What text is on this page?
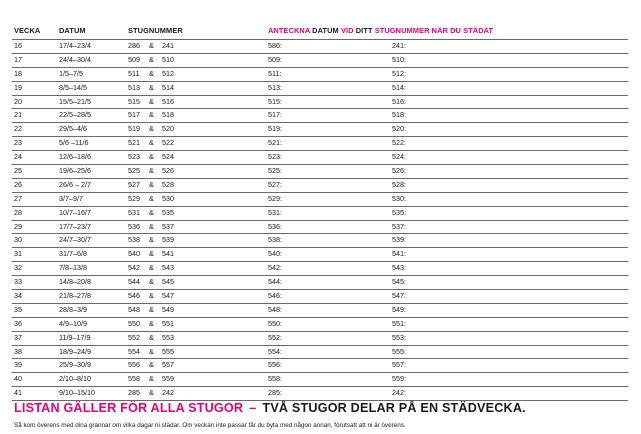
VECKA	DATUM	STUGNUMMER	ANTECKNA DATUM VID DITT STUGNUMMER NÄR DU STÄDAT
16	17/4–23/4	286 & 241	586:	241:
17	24/4–30/4	509 & 510	509:	510:
18	1/5–7/5	511 & 512	511:	512:
19	8/5–14/5	513 & 514	513:	514:
20	15/5–21/5	515 & 516	515:	516:
21	22/5–28/5	517 & 518	517:	518:
22	29/5–4/6	519 & 520	519:	520:
23	5/6 –11/6	521 & 522	521:	522:
24	12/6–18/6	523 & 524	523:	524:
25	19/6–25/6	525 & 526	525:	526:
26	26/6 – 2/7	527 & 528	527:	528:
27	3/7–9/7	529 & 530	529:	530:
28	10/7–16/7	531 & 535	531:	535:
29	17/7–23/7	536 & 537	536:	537:
30	24/7–30/7	538 & 539	538:	539:
31	31/7–6/8	540 & 541	540:	541:
32	7/8–13/8	542 & 543	542:	543:
33	14/8–20/8	544 & 545	544:	545:
34	21/8–27/8	546 & 547	546:	547:
35	28/8–3/9	548 & 549	548:	549:
36	4/9–10/9	550 & 551	550:	551:
37	11/9–17/9	552 & 553	552:	553:
38	18/9–24/9	554 & 555	554:	555:
39	25/9–30/9	556 & 557	556:	557:
40	2/10–8/10	558 & 559	558:	559:
41	9/10–15/10	285 & 242	285:	242:
LISTAN GÄLLER FÖR ALLA STUGOR – TVÅ STUGOR DELAR PÅ EN STÄDVECKA.
Så kom överens med dina grannar om vilka dagar ni städar. Om veckan inte passar får du byta med någon annan, förutsatt att ni är överens.
